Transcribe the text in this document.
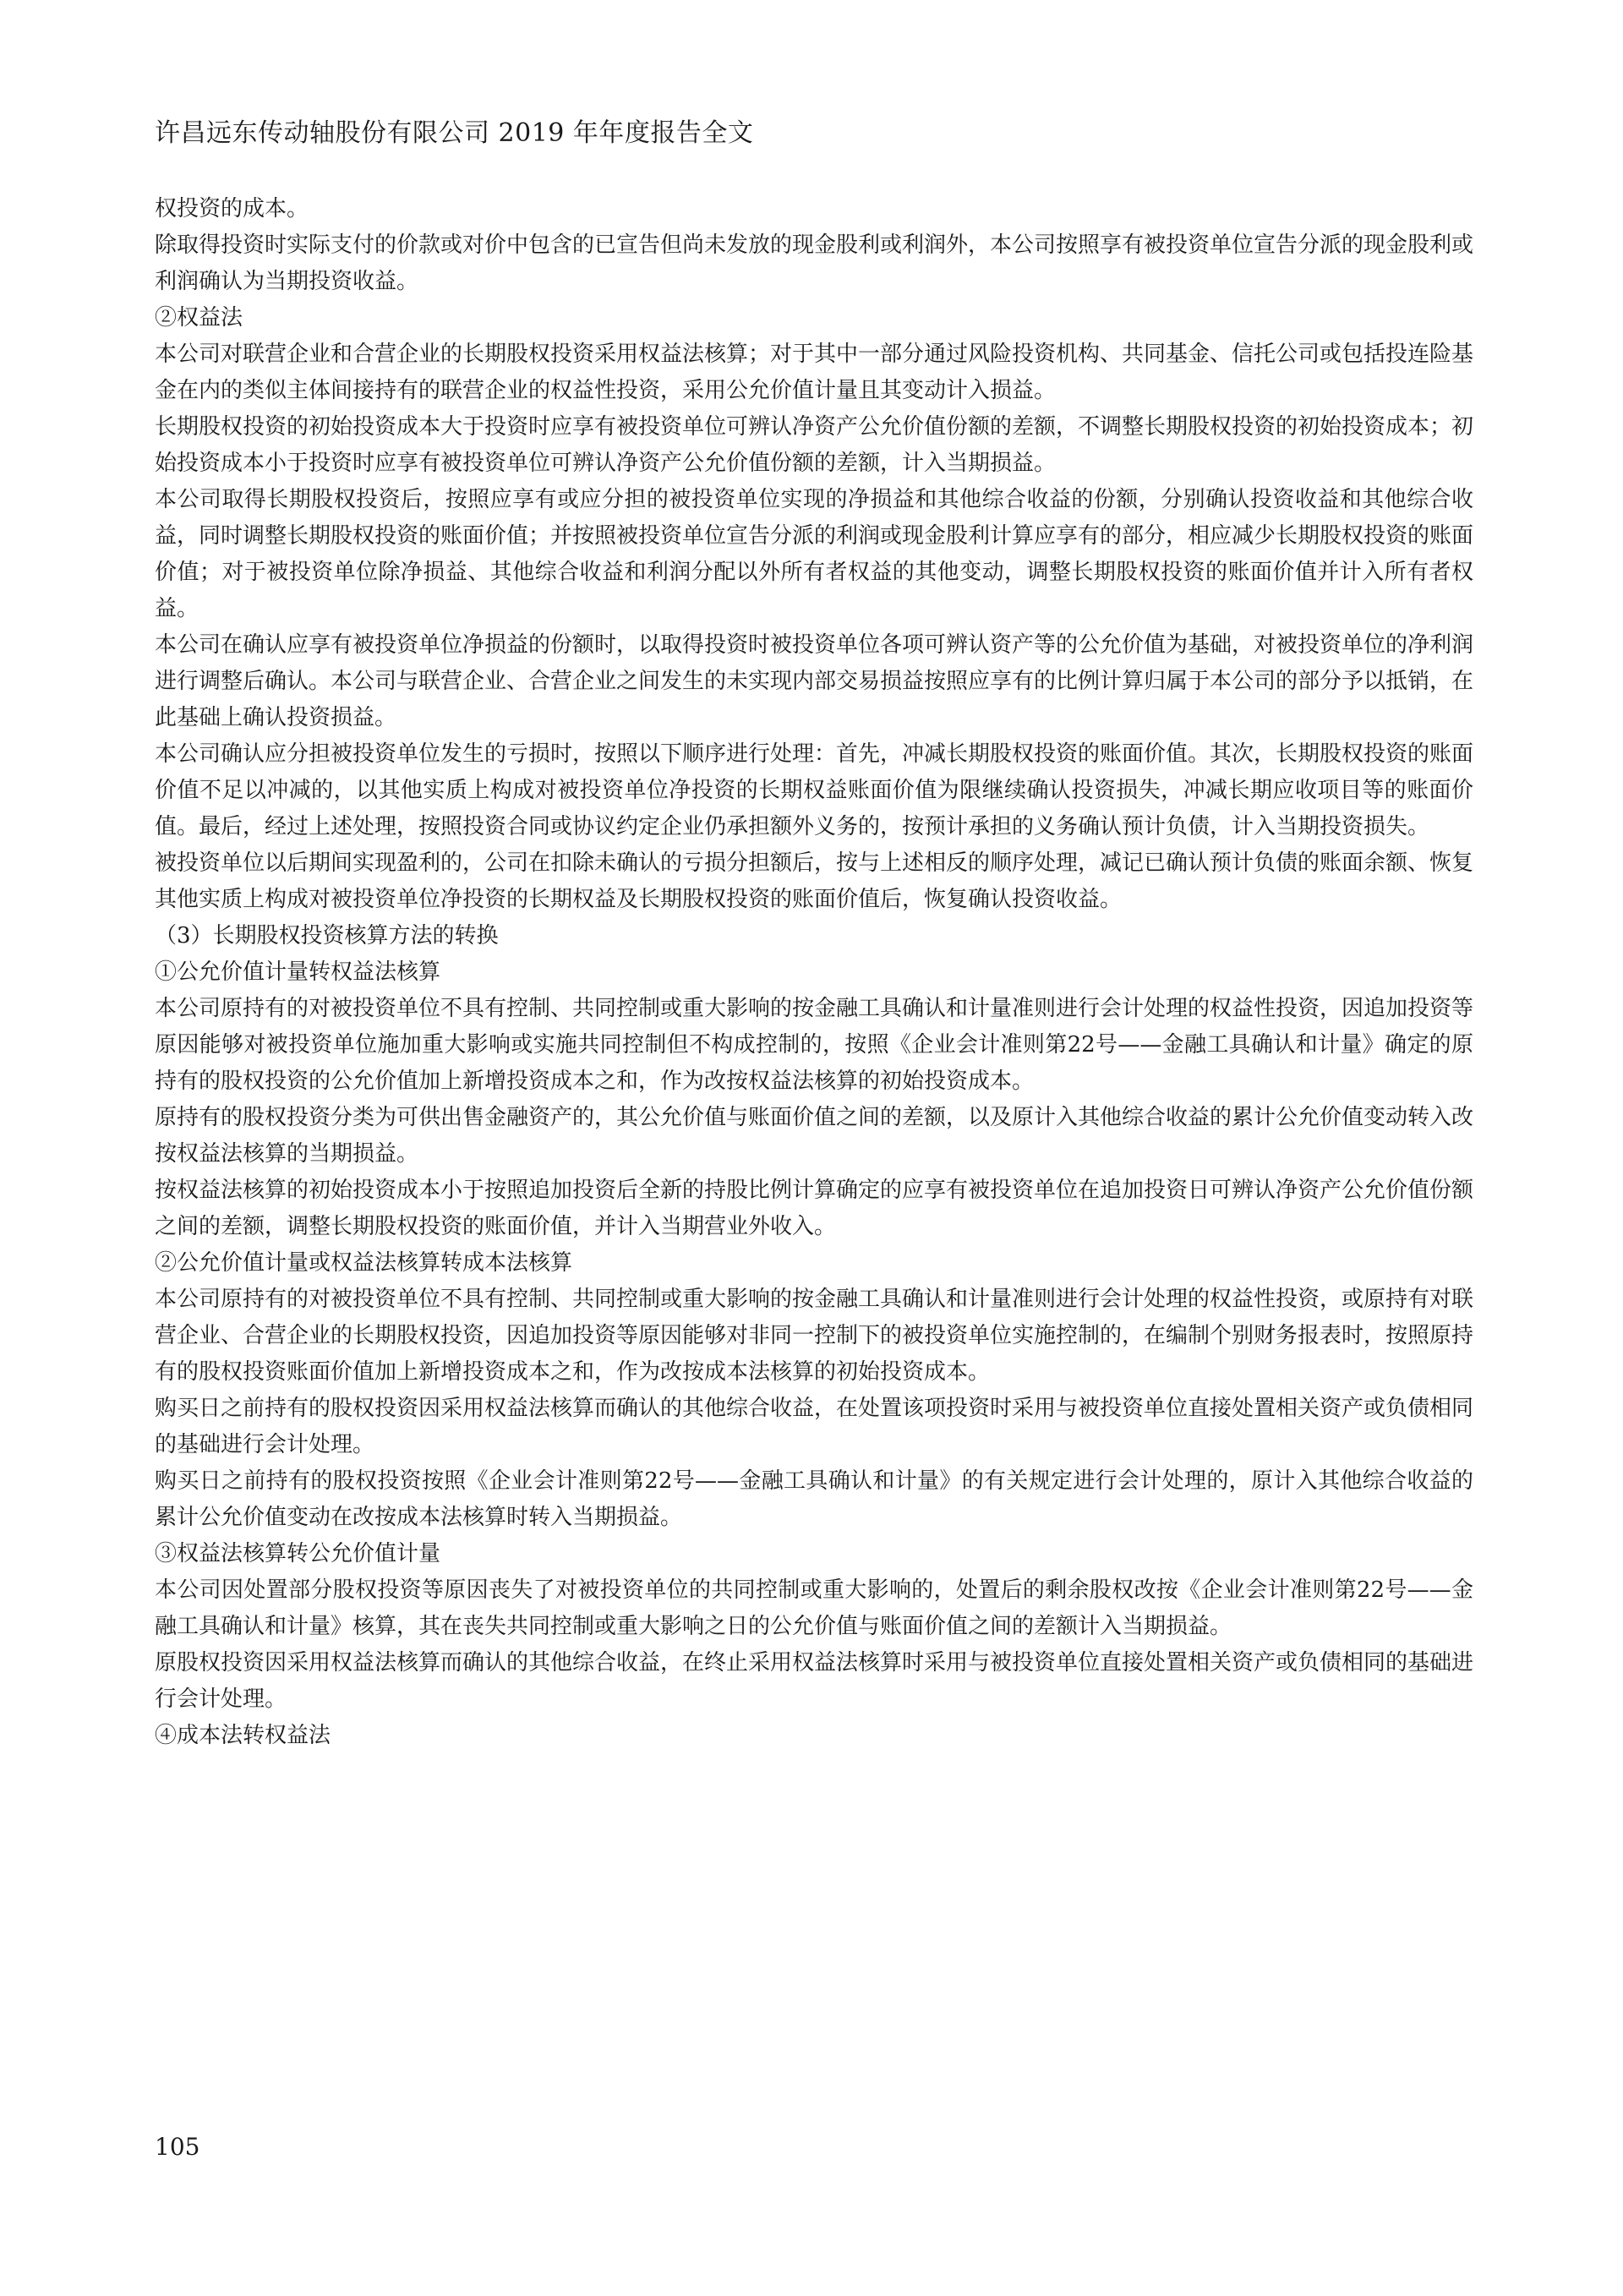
许昌远东传动轴股份有限公司 2019 年年度报告全文

权投资的成本。

除取得投资时实际支付的价款或对价中包含的已宣告但尚未发放的现金股利或利润外，本公司按照享有被投资单位宣告分派的现金股利或利润确认为当期投资收益。

②权益法

本公司对联营企业和合营企业的长期股权投资采用权益法核算；对于其中一部分通过风险投资机构、共同基金、信托公司或包括投连险基金在内的类似主体间接持有的联营企业的权益性投资，采用公允价值计量且其变动计入损益。

长期股权投资的初始投资成本大于投资时应享有被投资单位可辨认净资产公允价值份额的差额，不调整长期股权投资的初始投资成本；初始投资成本小于投资时应享有被投资单位可辨认净资产公允价值份额的差额，计入当期损益。

本公司取得长期股权投资后，按照应享有或应分担的被投资单位实现的净损益和其他综合收益的份额，分别确认投资收益和其他综合收益，同时调整长期股权投资的账面价值；并按照被投资单位宣告分派的利润或现金股利计算应享有的部分，相应减少长期股权投资的账面价值；对于被投资单位除净损益、其他综合收益和利润分配以外所有者权益的其他变动，调整长期股权投资的账面价值并计入所有者权益。

本公司在确认应享有被投资单位净损益的份额时，以取得投资时被投资单位各项可辨认资产等的公允价值为基础，对被投资单位的净利润进行调整后确认。本公司与联营企业、合营企业之间发生的未实现内部交易损益按照应享有的比例计算归属于本公司的部分予以抵销，在此基础上确认投资损益。

本公司确认应分担被投资单位发生的亏损时，按照以下顺序进行处理：首先，冲减长期股权投资的账面价值。其次，长期股权投资的账面价值不足以冲减的，以其他实质上构成对被投资单位净投资的长期权益账面价值为限继续确认投资损失，冲减长期应收项目等的账面价值。最后，经过上述处理，按照投资合同或协议约定企业仍承担额外义务的，按预计承担的义务确认预计负债，计入当期投资损失。

被投资单位以后期间实现盈利的，公司在扣除未确认的亏损分担额后，按与上述相反的顺序处理，减记已确认预计负债的账面余额、恢复其他实质上构成对被投资单位净投资的长期权益及长期股权投资的账面价值后，恢复确认投资收益。

（3）长期股权投资核算方法的转换

①公允价值计量转权益法核算

本公司原持有的对被投资单位不具有控制、共同控制或重大影响的按金融工具确认和计量准则进行会计处理的权益性投资，因追加投资等原因能够对被投资单位施加重大影响或实施共同控制但不构成控制的，按照《企业会计准则第22号——金融工具确认和计量》确定的原持有的股权投资的公允价值加上新增投资成本之和，作为改按权益法核算的初始投资成本。

原持有的股权投资分类为可供出售金融资产的，其公允价值与账面价值之间的差额，以及原计入其他综合收益的累计公允价值变动转入改按权益法核算的当期损益。

按权益法核算的初始投资成本小于按照追加投资后全新的持股比例计算确定的应享有被投资单位在追加投资日可辨认净资产公允价值份额之间的差额，调整长期股权投资的账面价值，并计入当期营业外收入。

②公允价值计量或权益法核算转成本法核算

本公司原持有的对被投资单位不具有控制、共同控制或重大影响的按金融工具确认和计量准则进行会计处理的权益性投资，或原持有对联营企业、合营企业的长期股权投资，因追加投资等原因能够对非同一控制下的被投资单位实施控制的，在编制个别财务报表时，按照原持有的股权投资账面价值加上新增投资成本之和，作为改按成本法核算的初始投资成本。

购买日之前持有的股权投资因采用权益法核算而确认的其他综合收益，在处置该项投资时采用与被投资单位直接处置相关资产或负债相同的基础进行会计处理。

购买日之前持有的股权投资按照《企业会计准则第22号——金融工具确认和计量》的有关规定进行会计处理的，原计入其他综合收益的累计公允价值变动在改按成本法核算时转入当期损益。

③权益法核算转公允价值计量

本公司因处置部分股权投资等原因丧失了对被投资单位的共同控制或重大影响的，处置后的剩余股权改按《企业会计准则第22号——金融工具确认和计量》核算，其在丧失共同控制或重大影响之日的公允价值与账面价值之间的差额计入当期损益。

原股权投资因采用权益法核算而确认的其他综合收益，在终止采用权益法核算时采用与被投资单位直接处置相关资产或负债相同的基础进行会计处理。

④成本法转权益法

105
